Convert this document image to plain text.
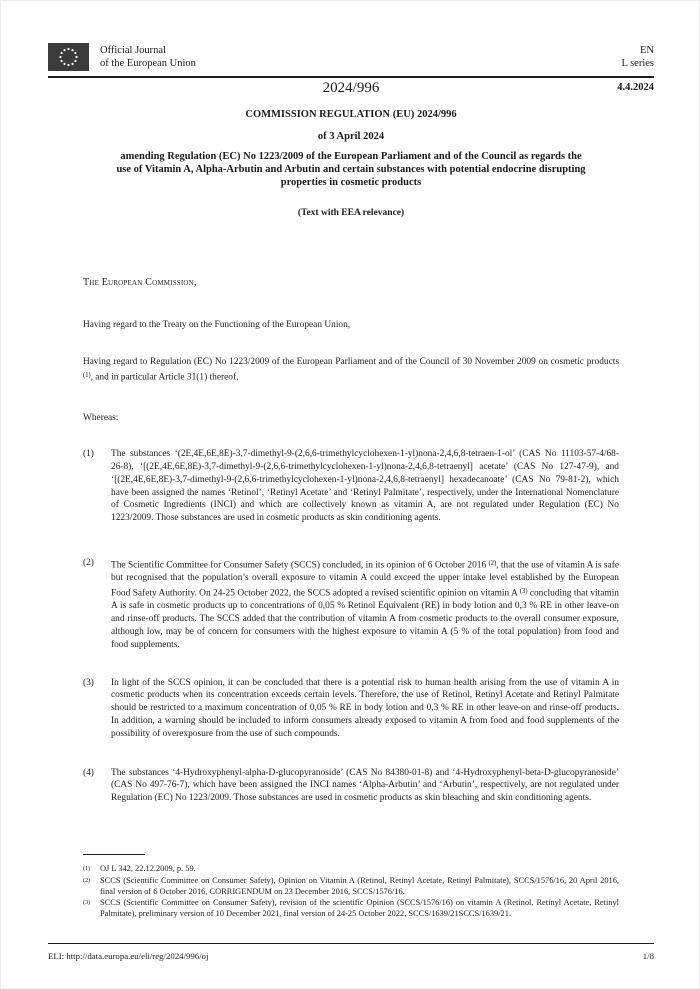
Official Journal
of the European Union
EN
L series
2024/996	4.4.2024
COMMISSION REGULATION (EU) 2024/996
of 3 April 2024
amending Regulation (EC) No 1223/2009 of the European Parliament and of the Council as regards the use of Vitamin A, Alpha-Arbutin and Arbutin and certain substances with potential endocrine disrupting properties in cosmetic products
(Text with EEA relevance)
The European Commission,
Having regard to the Treaty on the Functioning of the European Union,
Having regard to Regulation (EC) No 1223/2009 of the European Parliament and of the Council of 30 November 2009 on cosmetic products $^{(1)}$, and in particular Article 31(1) thereof,
Whereas:
(1)	The substances ‘(2E,4E,6E,8E)-3,7-dimethyl-9-(2,6,6-trimethylcyclohexen-1-yl)nona-2,4,6,8-tetraen-1-ol’ (CAS No 11103-57-4/68-26-8), ‘[(2E,4E,6E,8E)-3,7-dimethyl-9-(2,6,6-trimethylcyclohexen-1-yl)nona-2,4,6,8-tetraenyl] acetate’ (CAS No 127-47-9), and ‘[(2E,4E,6E,8E)-3,7-dimethyl-9-(2,6,6-trimethylcyclohexen-1-yl)nona-2,4,6,8-tetraenyl] hexadecanoate’ (CAS No 79-81-2), which have been assigned the names ‘Retinol’, ‘Retinyl Acetate’ and ‘Retinyl Palmitate’, respectively, under the International Nomenclature of Cosmetic Ingredients (INCI) and which are collectively known as vitamin A, are not regulated under Regulation (EC) No 1223/2009. Those substances are used in cosmetic products as skin conditioning agents.
(2)	The Scientific Committee for Consumer Safety (SCCS) concluded, in its opinion of 6 October 2016 $^{(2)}$, that the use of vitamin A is safe but recognised that the population’s overall exposure to vitamin A could exceed the upper intake level established by the European Food Safety Authority. On 24-25 October 2022, the SCCS adopted a revised scientific opinion on vitamin A $^{(3)}$ concluding that vitamin A is safe in cosmetic products up to concentrations of 0,05 % Retinol Equivalent (RE) in body lotion and 0,3 % RE in other leave-on and rinse-off products. The SCCS added that the contribution of vitamin A from cosmetic products to the overall consumer exposure, although low, may be of concern for consumers with the highest exposure to vitamin A (5 % of the total population) from food and food supplements.
(3)	In light of the SCCS opinion, it can be concluded that there is a potential risk to human health arising from the use of vitamin A in cosmetic products when its concentration exceeds certain levels. Therefore, the use of Retinol, Retinyl Acetate and Retinyl Palmitate should be restricted to a maximum concentration of 0,05 % RE in body lotion and 0,3 % RE in other leave-on and rinse-off products. In addition, a warning should be included to inform consumers already exposed to vitamin A from food and food supplements of the possibility of overexposure from the use of such compounds.
(4)	The substances ‘4-Hydroxyphenyl-alpha-D-glucopyranoside’ (CAS No 84380-01-8) and ‘4-Hydroxyphenyl-beta-D-glucopyranoside’ (CAS No 497-76-7), which have been assigned the INCI names ‘Alpha-Arbutin’ and ‘Arbutin’, respectively, are not regulated under Regulation (EC) No 1223/2009. Those substances are used in cosmetic products as skin bleaching and skin conditioning agents.
$^{(1)}$	OJ L 342, 22.12.2009, p. 59.
$^{(2)}$	SCCS (Scientific Committee on Consumer Safety), Opinion on Vitamin A (Retinol, Retinyl Acetate, Retinyl Palmitate), SCCS/1576/16, 20 April 2016, final version of 6 October 2016, CORRIGENDUM on 23 December 2016, SCCS/1576/16.
$^{(3)}$	SCCS (Scientific Committee on Consumer Safety), revision of the scientific Opinion (SCCS/1576/16) on vitamin A (Retinol, Retinyl Acetate, Retinyl Palmitate), preliminary version of 10 December 2021, final version of 24-25 October 2022, SCCS/1639/21SCCS/1639/21.
ELI: http://data.europa.eu/eli/reg/2024/996/oj	1/8
